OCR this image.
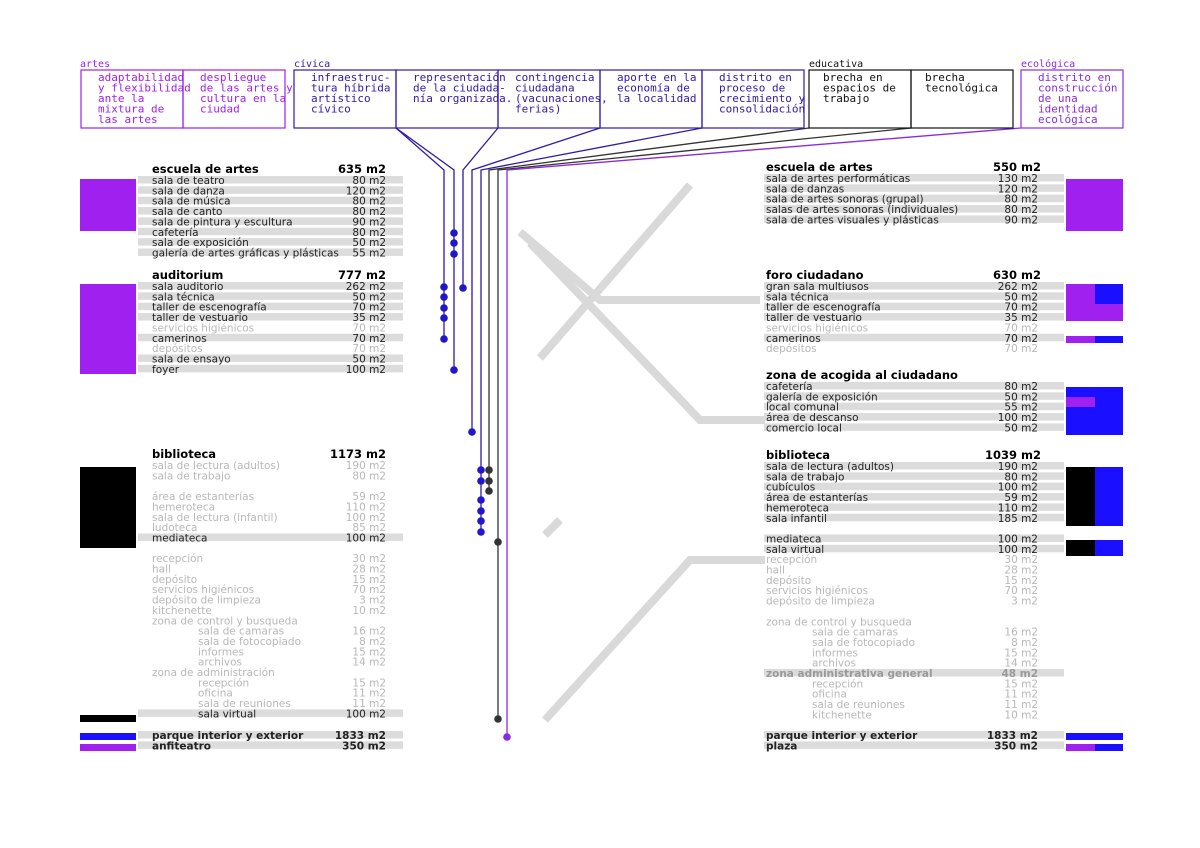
artes
adaptabilidad
y flexibilidad
ante la
mixtura de
las artes
despliegue
de las artes y
cultura en la
ciudad
cívica
infraestruc-
tura híbrida
artístico
cívico
representación
de la ciudada-
nía organizada.
contingencia
ciudadana
(vacunaciones,
ferias)
aporte en la
economía de
la localidad
distrito en
proceso de
crecimiento y
consolidación
educativa
brecha en
espacios de
trabajo
brecha
tecnológica
ecológica
distrito en
construcción
de una
identidad
ecológica
escuela de artes	635 m2
sala de teatro	80 m2
sala de danza	120 m2
sala de música	80 m2
sala de canto	80 m2
sala de pintura y escultura	90 m2
cafetería	80 m2
sala de exposición	50 m2
galería de artes gráficas y plásticas 55 m2
auditorium	777 m2
sala auditorio	262 m2
sala técnica	50 m2
taller de escenografía	70 m2
taller de vestuario	35 m2
servicios higiénicos	70 m2
camerinos	70 m2
depósitos	70 m2
sala de ensayo	50 m2
foyer	100 m2
biblioteca	1173 m2
sala de lectura (adultos)	190 m2
sala de trabajo	80 m2
área de estanterías	59 m2
hemeroteca	110 m2
sala de lectura (infantil)	100 m2
ludoteca	85 m2
mediateca	100 m2
recepción	30 m2
hall	28 m2
depósito	15 m2
servicios higiénicos	70 m2
depósito de limpieza	3 m2
kitchenette	10 m2
zona de control y busqueda
sala de camaras	16 m2
sala de fotocopiado	8 m2
informes	15 m2
archivos	14 m2
zona de administración
recepción	15 m2
oficina	11 m2
sala de reuniones	11 m2
sala virtual	100 m2
parque interior y exterior	1833 m2
anfiteatro	350 m2
escuela de artes	550 m2
sala de artes performáticas	130 m2
sala de danzas	120 m2
sala de artes sonoras (grupal)	80 m2
salas de artes sonoras (individuales)	80 m2
sala de artes visuales y plásticas	90 m2
foro ciudadano	630 m2
gran sala multiusos	262 m2
sala técnica	50 m2
taller de escenografía	70 m2
taller de vestuario	35 m2
servicios higiénicos	70 m2
camerinos	70 m2
depósitos	70 m2
zona de acogida al ciudadano
cafetería	80 m2
galería de exposición	50 m2
local comunal	55 m2
área de descanso	100 m2
comercio local	50 m2
biblioteca	1039 m2
sala de lectura (adultos)	190 m2
sala de trabajo	80 m2
cubículos	100 m2
área de estanterías	59 m2
hemeroteca	110 m2
sala infantil	185 m2
mediateca	100 m2
sala virtual	100 m2
recepción	30 m2
hall	28 m2
depósito	15 m2
servicios higiénicos	70 m2
depósito de limpieza	3 m2
zona de control y busqueda
sala de camaras	16 m2
sala de fotocopiado	8 m2
informes	15 m2
archivos	14 m2
zona administrativa general	48 m2
recepción	15 m2
oficina	11 m2
sala de reuniones	11 m2
kitchenette	10 m2
parque interior y exterior	1833 m2
plaza	350 m2
